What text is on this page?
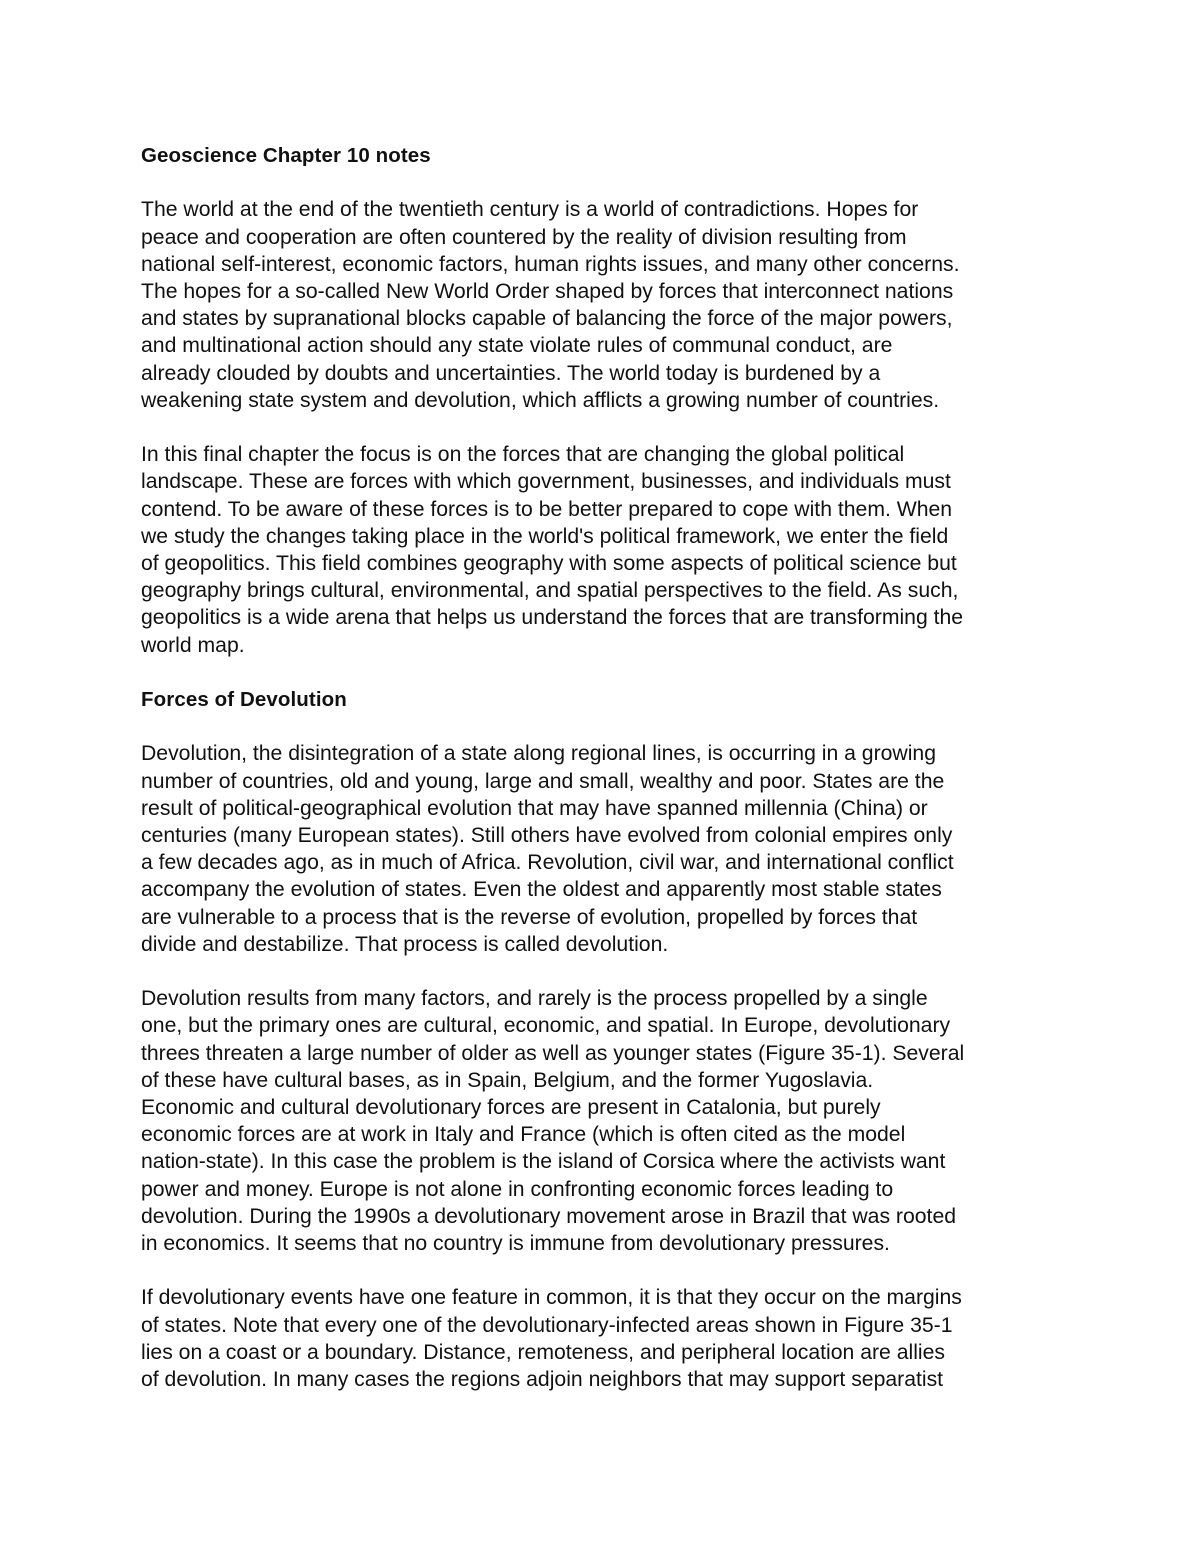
Geoscience Chapter 10 notes

The world at the end of the twentieth century is a world of contradictions. Hopes for
peace and cooperation are often countered by the reality of division resulting from
national self-interest, economic factors, human rights issues, and many other concerns.
The hopes for a so-called New World Order shaped by forces that interconnect nations
and states by supranational blocks capable of balancing the force of the major powers,
and multinational action should any state violate rules of communal conduct, are
already clouded by doubts and uncertainties. The world today is burdened by a
weakening state system and devolution, which afflicts a growing number of countries.

In this final chapter the focus is on the forces that are changing the global political
landscape. These are forces with which government, businesses, and individuals must
contend. To be aware of these forces is to be better prepared to cope with them. When
we study the changes taking place in the world's political framework, we enter the field
of geopolitics. This field combines geography with some aspects of political science but
geography brings cultural, environmental, and spatial perspectives to the field. As such,
geopolitics is a wide arena that helps us understand the forces that are transforming the
world map.

Forces of Devolution

Devolution, the disintegration of a state along regional lines, is occurring in a growing
number of countries, old and young, large and small, wealthy and poor. States are the
result of political-geographical evolution that may have spanned millennia (China) or
centuries (many European states). Still others have evolved from colonial empires only
a few decades ago, as in much of Africa. Revolution, civil war, and international conflict
accompany the evolution of states. Even the oldest and apparently most stable states
are vulnerable to a process that is the reverse of evolution, propelled by forces that
divide and destabilize. That process is called devolution.

Devolution results from many factors, and rarely is the process propelled by a single
one, but the primary ones are cultural, economic, and spatial. In Europe, devolutionary
threes threaten a large number of older as well as younger states (Figure 35-1). Several
of these have cultural bases, as in Spain, Belgium, and the former Yugoslavia.
Economic and cultural devolutionary forces are present in Catalonia, but purely
economic forces are at work in Italy and France (which is often cited as the model
nation-state). In this case the problem is the island of Corsica where the activists want
power and money. Europe is not alone in confronting economic forces leading to
devolution. During the 1990s a devolutionary movement arose in Brazil that was rooted
in economics. It seems that no country is immune from devolutionary pressures.

If devolutionary events have one feature in common, it is that they occur on the margins
of states. Note that every one of the devolutionary-infected areas shown in Figure 35-1
lies on a coast or a boundary. Distance, remoteness, and peripheral location are allies
of devolution. In many cases the regions adjoin neighbors that may support separatist
